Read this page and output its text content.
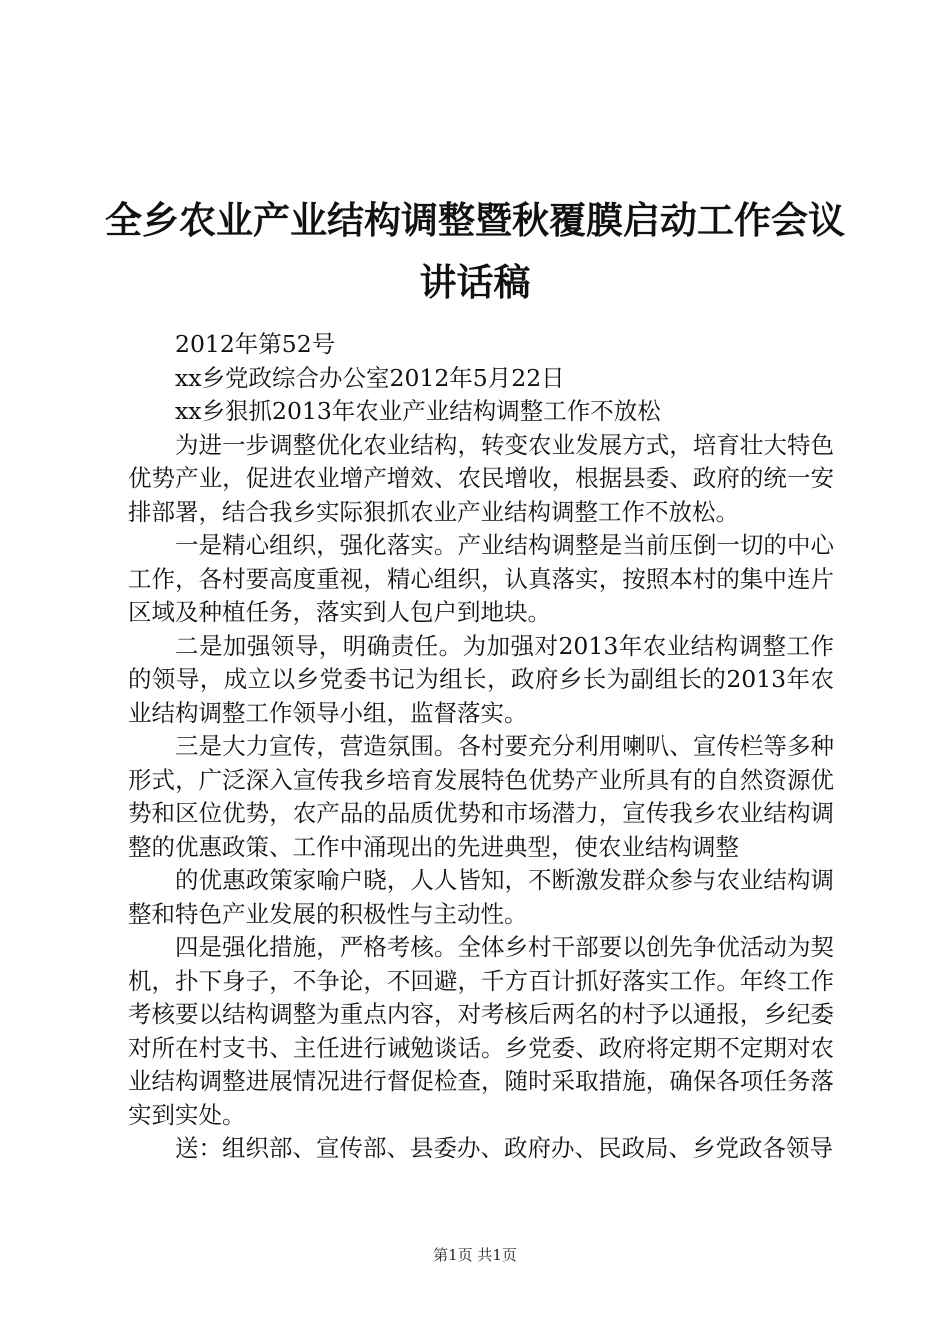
全乡农业产业结构调整暨秋覆膜启动工作会议
讲话稿

2012年第52号

xx乡党政综合办公室2012年5月22日

xx乡狠抓2013年农业产业结构调整工作不放松

为进一步调整优化农业结构，转变农业发展方式，培育壮大特色优势产业，促进农业增产增效、农民增收，根据县委、政府的统一安排部署，结合我乡实际狠抓农业产业结构调整工作不放松。

一是精心组织，强化落实。产业结构调整是当前压倒一切的中心工作，各村要高度重视，精心组织，认真落实，按照本村的集中连片区域及种植任务，落实到人包户到地块。

二是加强领导，明确责任。为加强对2013年农业结构调整工作的领导，成立以乡党委书记为组长，政府乡长为副组长的2013年农业结构调整工作领导小组，监督落实。

三是大力宣传，营造氛围。各村要充分利用喇叭、宣传栏等多种形式，广泛深入宣传我乡培育发展特色优势产业所具有的自然资源优势和区位优势，农产品的品质优势和市场潜力，宣传我乡农业结构调整的优惠政策、工作中涌现出的先进典型，使农业结构调整

的优惠政策家喻户晓，人人皆知，不断激发群众参与农业结构调整和特色产业发展的积极性与主动性。

四是强化措施，严格考核。全体乡村干部要以创先争优活动为契机，扑下身子，不争论，不回避，千方百计抓好落实工作。年终工作考核要以结构调整为重点内容，对考核后两名的村予以通报，乡纪委对所在村支书、主任进行诫勉谈话。乡党委、政府将定期不定期对农业结构调整进展情况进行督促检查，随时采取措施，确保各项任务落实到实处。

送：组织部、宣传部、县委办、政府办、民政局、乡党政各领导

第1页 共1页
